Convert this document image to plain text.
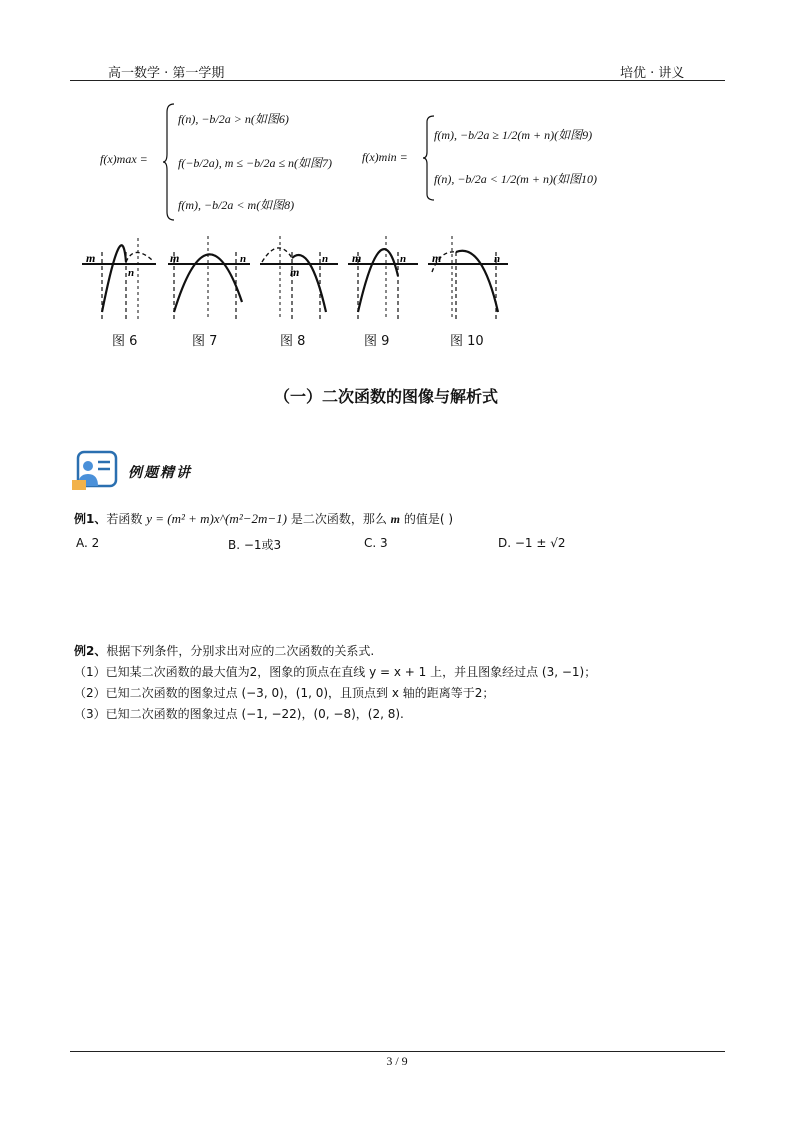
高一数学 · 第一学期	培优 · 讲义
f(x)max =
f(n), −b/2a > n(如图6)
f(−b/2a), m ≤ −b/2a ≤ n(如图7)
f(m), −b/2a < m(如图8)
f(x)min =
f(m), −b/2a ≥ 1/2(m + n)(如图9)
f(n), −b/2a < 1/2(m + n)(如图10)
m
n
m	n
m
n m	n m	n
图 6	图 7	图 8	图 9	图 10
（一）二次函数的图像与解析式
例题精讲
例1、若函数 y = (m² + m)x^(m²−2m−1) 是二次函数，那么 m 的值是( )
A. 2	B. −1或3	C. 3	D. −1 ± √2
例2、根据下列条件，分别求出对应的二次函数的关系式.
（1）已知某二次函数的最大值为2，图象的顶点在直线 y = x + 1 上，并且图象经过点 (3, −1)；
（2）已知二次函数的图象过点 (−3, 0)，(1, 0)，且顶点到 x 轴的距离等于2；
（3）已知二次函数的图象过点 (−1, −22)，(0, −8)，(2, 8).
3 / 9
